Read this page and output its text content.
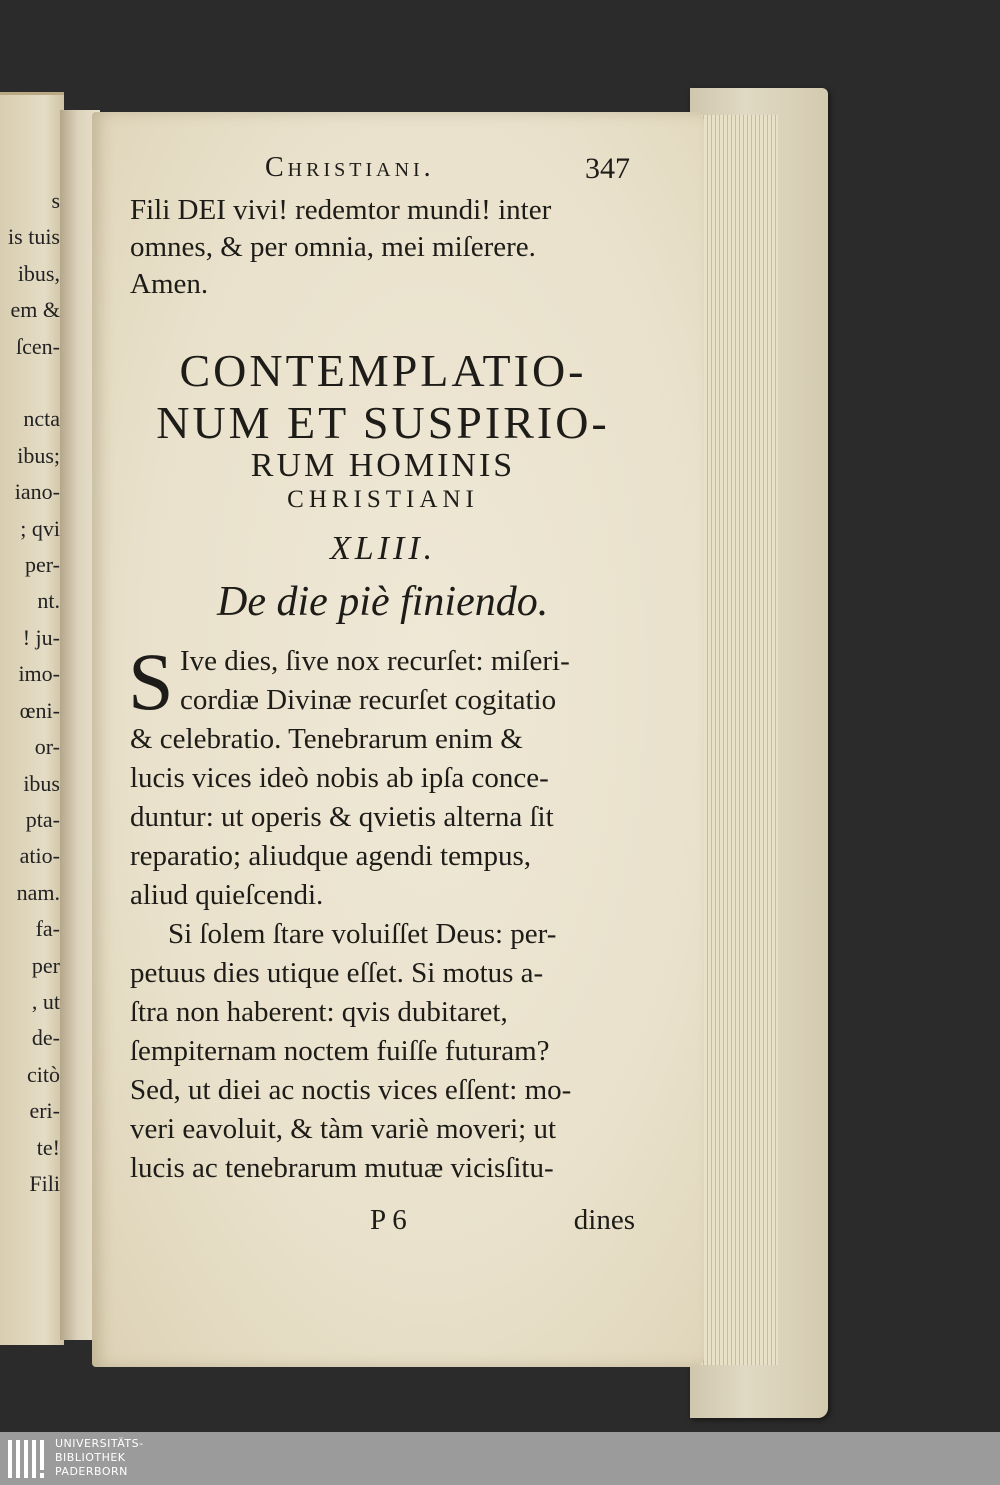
s
is tuis
ibus,
em &
ſcen-

ncta
ibus;
iano-
; qvi
per-
nt.
! ju-
imo-
œni-
or-
ibus
pta-
atio-
nam.
fa-
per
, ut
de-
citò
eri-
te!
Fili
Christiani.	347

Fili DEI vivi! redemtor mundi! inter

omnes, & per omnia, mei miſerere.

Amen.

CONTEMPLATIO-
NUM ET SUSPIRIO-
RUM HOMINIS
CHRISTIANI
XLIII.
De die piè finiendo.

S Ive dies, ſive nox recurſet: miſeri-
cordiæ Divinæ recurſet cogitatio
& celebratio. Tenebrarum enim &
lucis vices ideò nobis ab ipſa conce-
duntur: ut operis & qvietis alterna ſit
reparatio; aliudque agendi tempus,
aliud quieſcendi.

Si ſolem ſtare voluiſſet Deus: per-
petuus dies utique eſſet. Si motus a-
ſtra non haberent: qvis dubitaret,
ſempiternam noctem fuiſſe futuram?
Sed, ut diei ac noctis vices eſſent: mo-
veri eavoluit, & tàm variè moveri; ut
lucis ac tenebrarum mutuæ vicisſitu-

P 6	dines
UNIVERSITÄTS-
BIBLIOTHEK
PADERBORN
